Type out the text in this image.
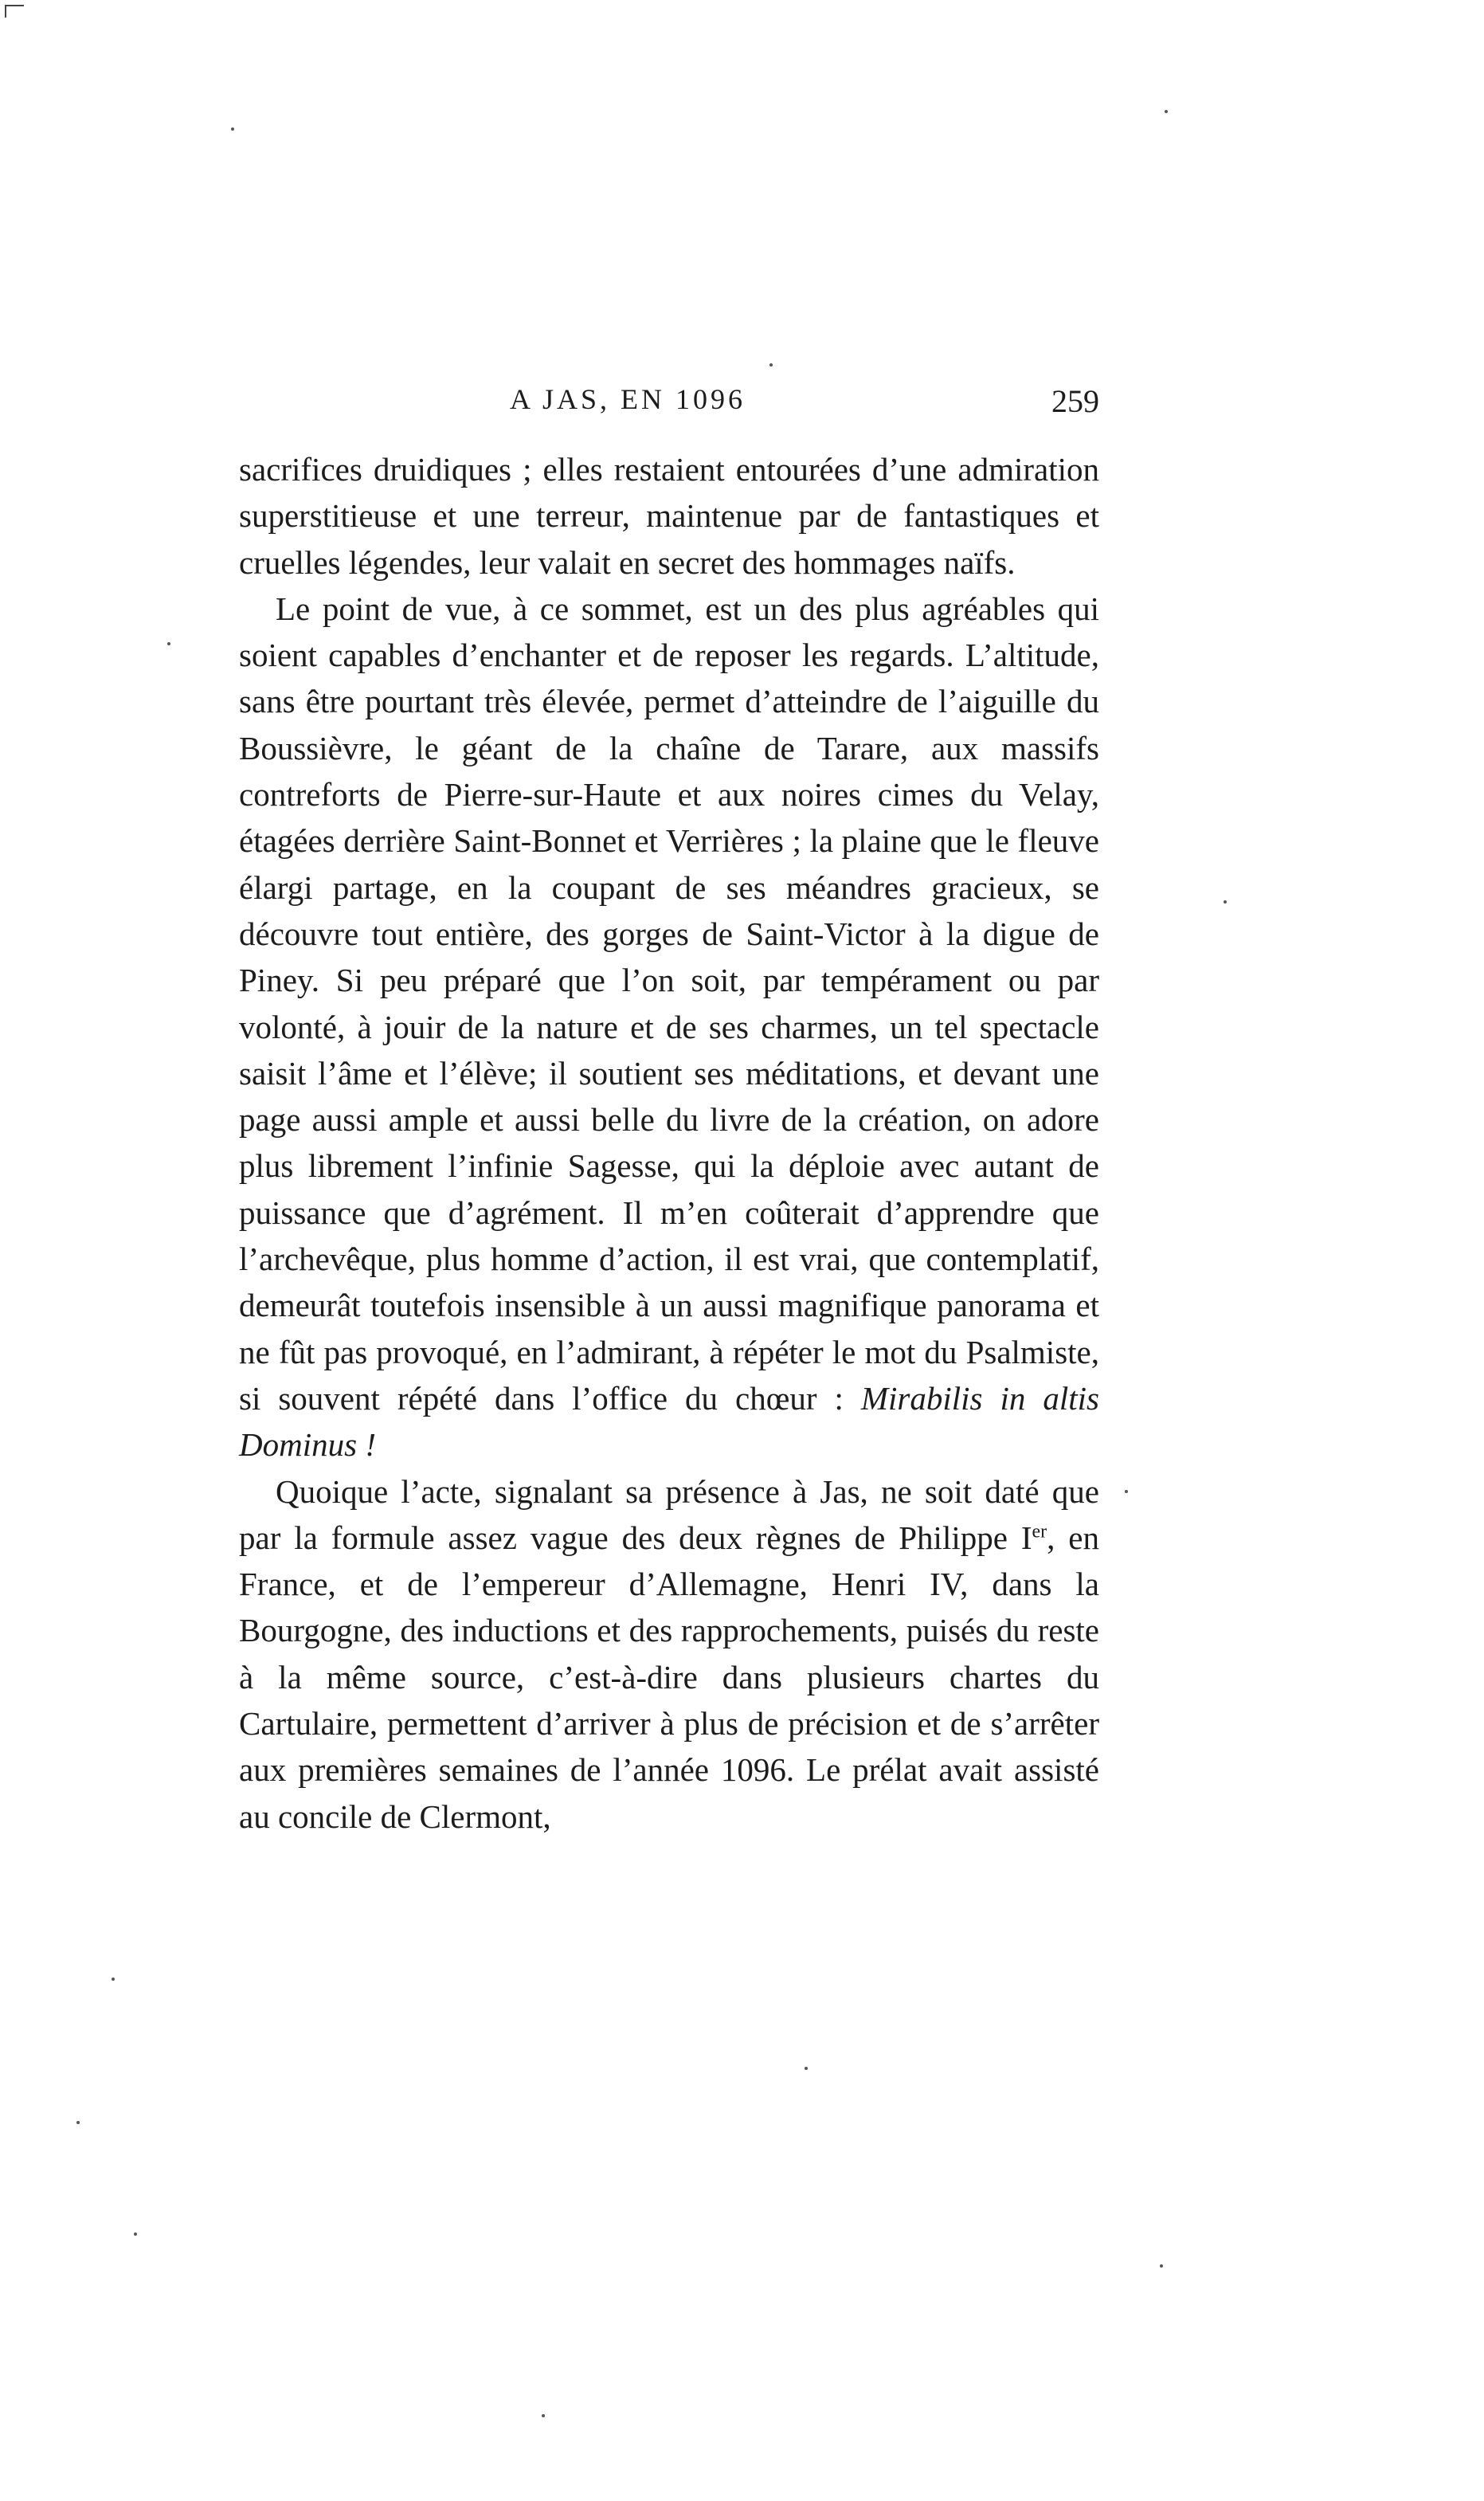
A JAS, EN 1096	259

sacrifices druidiques ; elles restaient entourées d’une admiration superstitieuse et une terreur, maintenue par de fantastiques et cruelles légendes, leur valait en secret des hommages naïfs.

Le point de vue, à ce sommet, est un des plus agréables qui soient capables d’enchanter et de reposer les regards. L’altitude, sans être pourtant très élevée, permet d’atteindre de l’aiguille du Boussièvre, le géant de la chaîne de Tarare, aux massifs contreforts de Pierre-sur-Haute et aux noires cimes du Velay, étagées derrière Saint-Bonnet et Verrières ; la plaine que le fleuve élargi partage, en la coupant de ses méandres gracieux, se découvre tout entière, des gorges de Saint-Victor à la digue de Piney. Si peu préparé que l’on soit, par tempérament ou par volonté, à jouir de la nature et de ses charmes, un tel spectacle saisit l’âme et l’élève; il soutient ses méditations, et devant une page aussi ample et aussi belle du livre de la création, on adore plus librement l’infinie Sagesse, qui la déploie avec autant de puissance que d’agrément. Il m’en coûterait d’apprendre que l’archevêque, plus homme d’action, il est vrai, que contemplatif, demeurât toutefois insensible à un aussi magnifique panorama et ne fût pas provoqué, en l’admirant, à répéter le mot du Psalmiste, si souvent répété dans l’office du chœur : Mirabilis in altis Dominus !

Quoique l’acte, signalant sa présence à Jas, ne soit daté que par la formule assez vague des deux règnes de Philippe Ier, en France, et de l’empereur d’Allemagne, Henri IV, dans la Bourgogne, des inductions et des rapprochements, puisés du reste à la même source, c’est-à-dire dans plusieurs chartes du Cartulaire, permettent d’arriver à plus de précision et de s’arrêter aux premières semaines de l’année 1096. Le prélat avait assisté au concile de Clermont,
